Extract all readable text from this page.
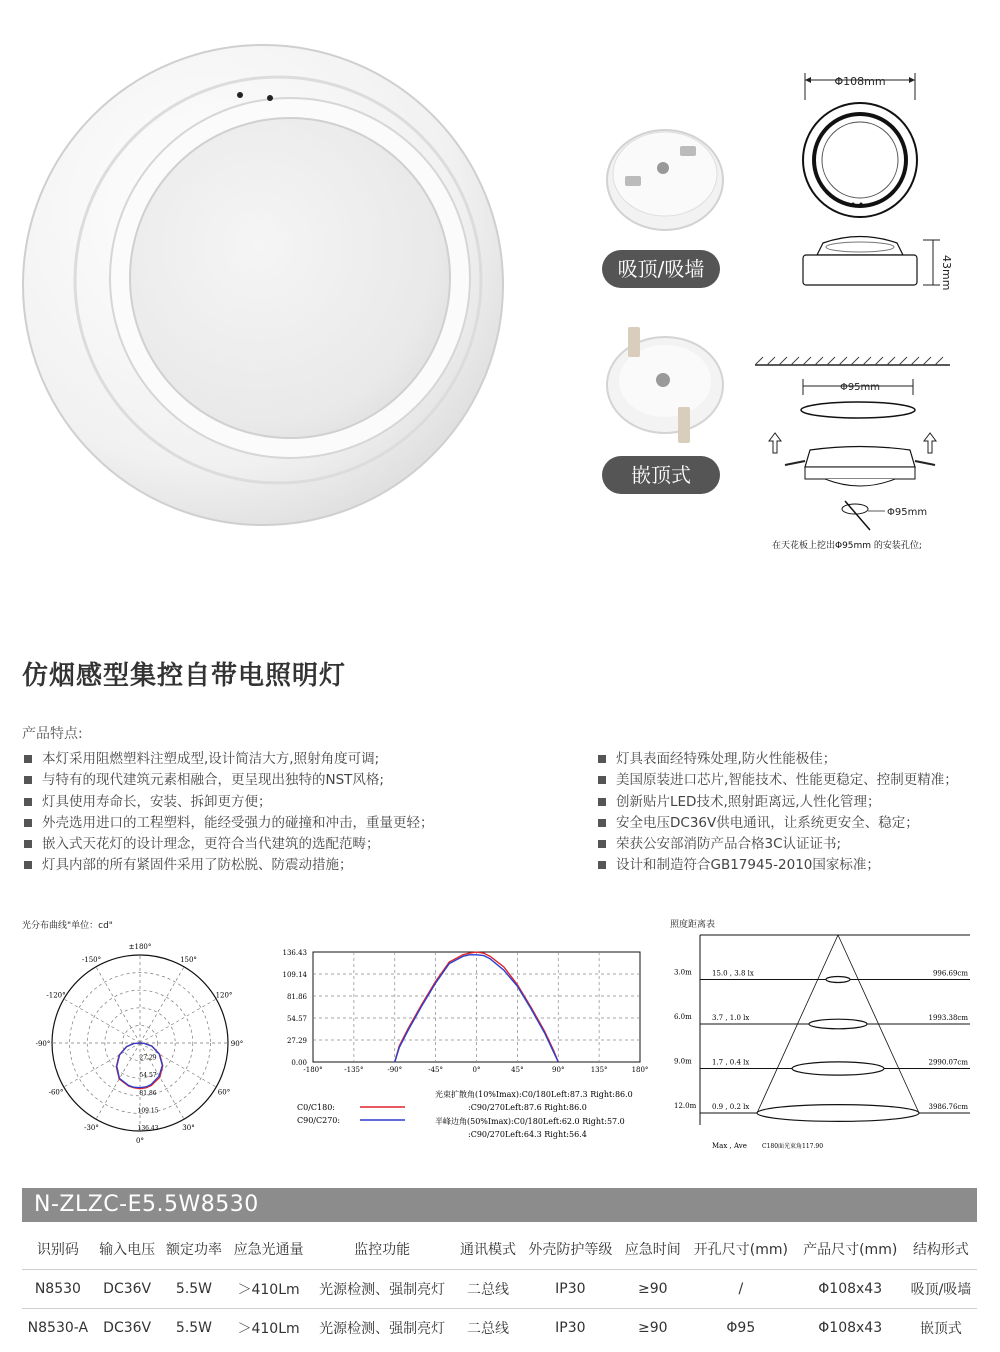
吸顶/吸墙
嵌顶式
Φ108mm
43mm
Φ95mm
Φ95mm
在天花板上挖出Φ95mm 的安装孔位;
仿烟感型集控自带电照明灯
产品特点:
本灯采用阻燃塑料注塑成型,设计简洁大方,照射角度可调;
与特有的现代建筑元素相融合，更呈现出独特的NST风格;
灯具使用寿命长，安装、拆卸更方便；
外壳选用进口的工程塑料，能经受强力的碰撞和冲击，重量更轻；
嵌入式天花灯的设计理念，更符合当代建筑的选配范畴；
灯具内部的所有紧固件采用了防松脱、防震动措施；
灯具表面经特殊处理,防火性能极佳；
美国原装进口芯片,智能技术、性能更稳定、控制更精准；
创新贴片LED技术,照射距离远,人性化管理；
安全电压DC36V供电通讯，让系统更安全、稳定；
荣获公安部消防产品合格3C认证证书;
设计和制造符合GB17945-2010国家标准；
光分布曲线"单位：cd"
±180°
-150°	150°
-120°	120°
-90°	90°
-60°	60°
-30°	30°
0°
27.29
54.57
81.86
109.15
136.43
0.00
27.29
54.57
81.86
109.14
136.43
-180°	-135°	-90°	-45°	0°	45°	90°	135°	180°
C0/C180:
C90/C270:
光束扩散角(10%Imax):C0/180Left:87.3 Right:86.0
:C90/270Left:87.6 Right:86.0
半峰边角(50%Imax):C0/180Left:62.0 Right:57.0
:C90/270Left:64.3 Right:56.4
照度距离表
3.0m	15.0 , 3.8 lx	996.69cm
6.0m	3.7 , 1.0 lx	1993.38cm
9.0m	1.7 , 0.4 lx	2990.07cm
12.0m 0.9 , 0.2 lx	3986.76cm
Max , Ave	C180面光束角117.90
N-ZLZC-E5.5W8530
识别码	输入电压	额定功率	应急光通量	监控功能	通讯模式	外壳防护等级	应急时间	开孔尺寸(mm)	产品尺寸(mm)	结构形式
N8530	DC36V	5.5W	＞410Lm	光源检测、强制亮灯	二总线	IP30	≥90	/	Φ108x43	吸顶/吸墙
N8530-A	DC36V	5.5W	＞410Lm	光源检测、强制亮灯	二总线	IP30	≥90	Φ95	Φ108x43	嵌顶式
